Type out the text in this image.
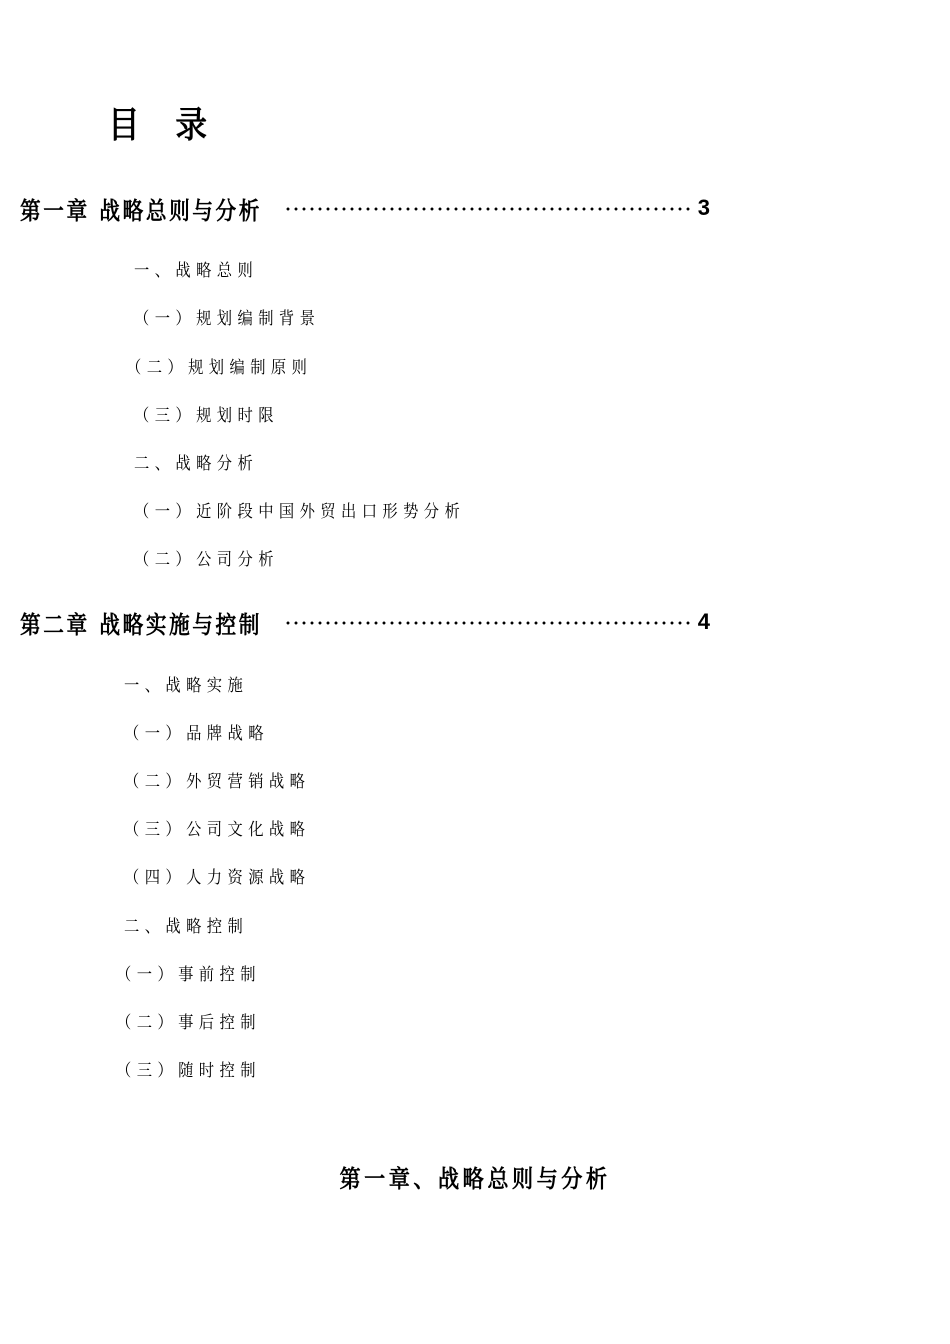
目 录
第一章 战略总则与分析	3
一、战略总则
（一）规划编制背景
（二）规划编制原则
（三）规划时限
二、战略分析
（一）近阶段中国外贸出口形势分析
（二）公司分析
第二章 战略实施与控制	4
一、战略实施
（一）品牌战略
（二）外贸营销战略
（三）公司文化战略
（四）人力资源战略
二、战略控制
（一）事前控制
（二）事后控制
（三）随时控制
第一章、战略总则与分析
